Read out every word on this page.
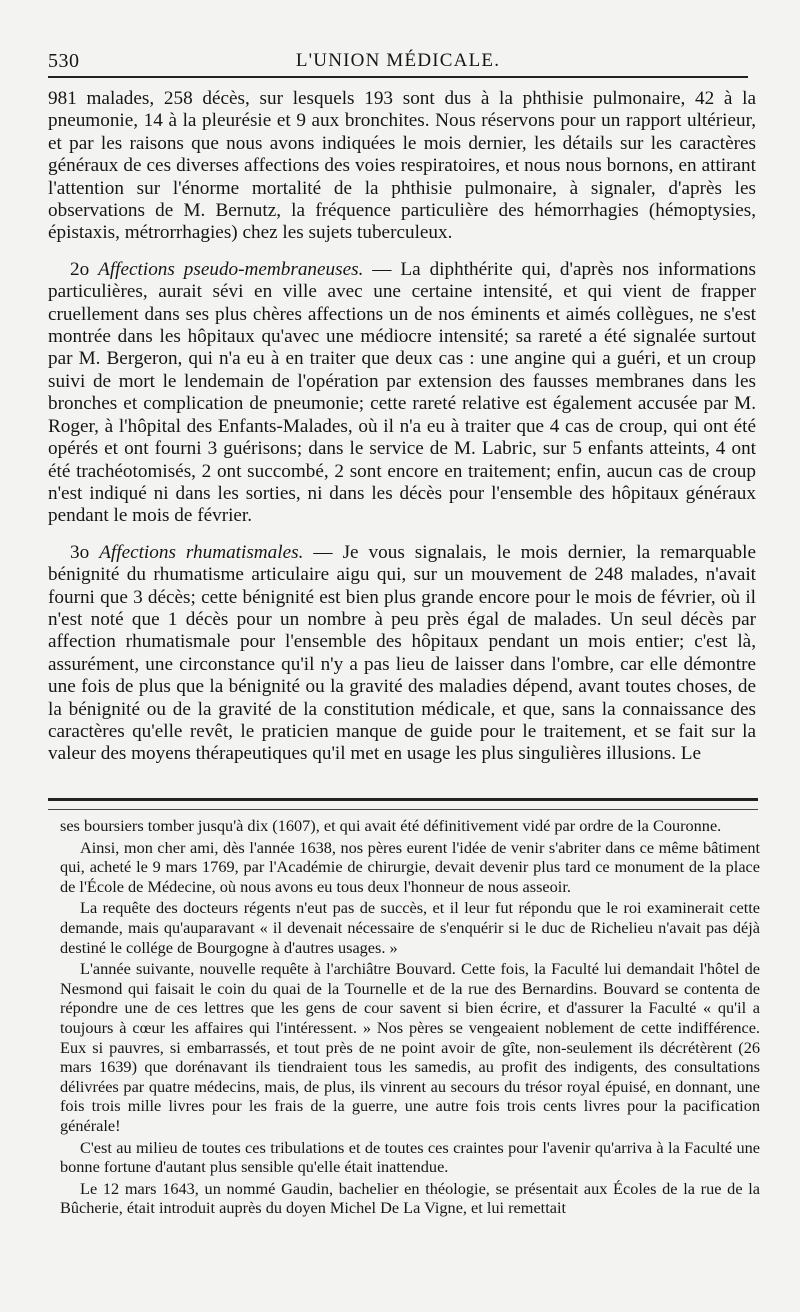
530	L'UNION MÉDICALE.

981 malades, 258 décès, sur lesquels 193 sont dus à la phthisie pulmonaire, 42 à la pneumonie, 14 à la pleurésie et 9 aux bronchites. Nous réservons pour un rapport ultérieur, et par les raisons que nous avons indiquées le mois dernier, les détails sur les caractères généraux de ces diverses affections des voies respiratoires, et nous nous bornons, en attirant l'attention sur l'énorme mortalité de la phthisie pulmonaire, à signaler, d'après les observations de M. Bernutz, la fréquence particulière des hémorrhagies (hémoptysies, épistaxis, métrorrhagies) chez les sujets tuberculeux.

2o Affections pseudo-membraneuses. — La diphthérite qui, d'après nos informations particulières, aurait sévi en ville avec une certaine intensité, et qui vient de frapper cruellement dans ses plus chères affections un de nos éminents et aimés collègues, ne s'est montrée dans les hôpitaux qu'avec une médiocre intensité; sa rareté a été signalée surtout par M. Bergeron, qui n'a eu à en traiter que deux cas : une angine qui a guéri, et un croup suivi de mort le lendemain de l'opération par extension des fausses membranes dans les bronches et complication de pneumonie; cette rareté relative est également accusée par M. Roger, à l'hôpital des Enfants-Malades, où il n'a eu à traiter que 4 cas de croup, qui ont été opérés et ont fourni 3 guérisons; dans le service de M. Labric, sur 5 enfants atteints, 4 ont été trachéotomisés, 2 ont succombé, 2 sont encore en traitement; enfin, aucun cas de croup n'est indiqué ni dans les sorties, ni dans les décès pour l'ensemble des hôpitaux généraux pendant le mois de février.

3o Affections rhumatismales. — Je vous signalais, le mois dernier, la remarquable bénignité du rhumatisme articulaire aigu qui, sur un mouvement de 248 malades, n'avait fourni que 3 décès; cette bénignité est bien plus grande encore pour le mois de février, où il n'est noté que 1 décès pour un nombre à peu près égal de malades. Un seul décès par affection rhumatismale pour l'ensemble des hôpitaux pendant un mois entier; c'est là, assurément, une circonstance qu'il n'y a pas lieu de laisser dans l'ombre, car elle démontre une fois de plus que la bénignité ou la gravité des maladies dépend, avant toutes choses, de la bénignité ou de la gravité de la constitution médicale, et que, sans la connaissance des caractères qu'elle revêt, le praticien manque de guide pour le traitement, et se fait sur la valeur des moyens thérapeutiques qu'il met en usage les plus singulières illusions. Le

ses boursiers tomber jusqu'à dix (1607), et qui avait été définitivement vidé par ordre de la Couronne.

Ainsi, mon cher ami, dès l'année 1638, nos pères eurent l'idée de venir s'abriter dans ce même bâtiment qui, acheté le 9 mars 1769, par l'Académie de chirurgie, devait devenir plus tard ce monument de la place de l'École de Médecine, où nous avons eu tous deux l'honneur de nous asseoir.

La requête des docteurs régents n'eut pas de succès, et il leur fut répondu que le roi examinerait cette demande, mais qu'auparavant « il devenait nécessaire de s'enquérir si le duc de Richelieu n'avait pas déjà destiné le collége de Bourgogne à d'autres usages. »

L'année suivante, nouvelle requête à l'archiâtre Bouvard. Cette fois, la Faculté lui demandait l'hôtel de Nesmond qui faisait le coin du quai de la Tournelle et de la rue des Bernardins. Bouvard se contenta de répondre une de ces lettres que les gens de cour savent si bien écrire, et d'assurer la Faculté « qu'il a toujours à cœur les affaires qui l'intéressent. » Nos pères se vengeaient noblement de cette indifférence. Eux si pauvres, si embarrassés, et tout près de ne point avoir de gîte, non-seulement ils décrétèrent (26 mars 1639) que dorénavant ils tiendraient tous les samedis, au profit des indigents, des consultations délivrées par quatre médecins, mais, de plus, ils vinrent au secours du trésor royal épuisé, en donnant, une fois trois mille livres pour les frais de la guerre, une autre fois trois cents livres pour la pacification générale!

C'est au milieu de toutes ces tribulations et de toutes ces craintes pour l'avenir qu'arriva à la Faculté une bonne fortune d'autant plus sensible qu'elle était inattendue.

Le 12 mars 1643, un nommé Gaudin, bachelier en théologie, se présentait aux Écoles de la rue de la Bûcherie, était introduit auprès du doyen Michel De La Vigne, et lui remettait
